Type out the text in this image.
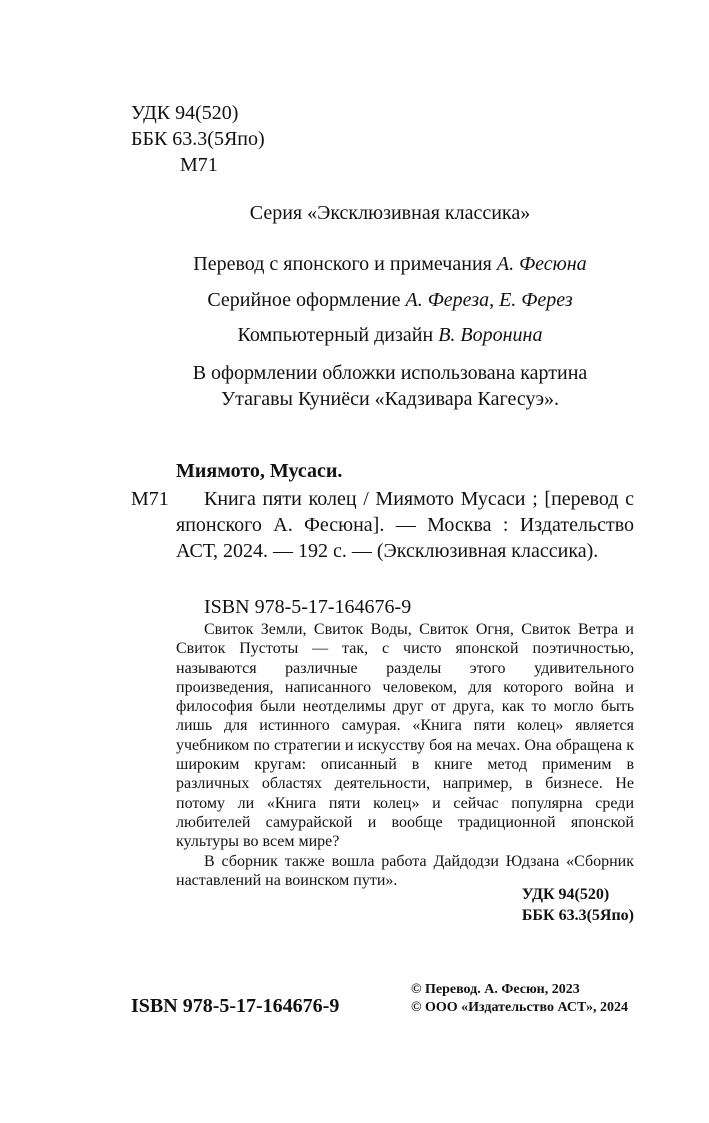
УДК 94(520)
ББК 63.3(5Япо)
М71
Серия «Эксклюзивная классика»
Перевод с японского и примечания А. Фесюна
Серийное оформление А. Фереза, Е. Ферез
Компьютерный дизайн В. Воронина
В оформлении обложки использована картина
Утагавы Куниёси «Кадзивара Кагесуэ».
Миямото, Мусаси.
М71	Книга пяти колец / Миямото Мусаси ; [перевод с японского А. Фесюна]. — Москва : Издательство АСТ, 2024. — 192 с. — (Эксклюзивная классика).
ISBN 978-5-17-164676-9

Свиток Земли, Свиток Воды, Свиток Огня, Свиток Ветра и Свиток Пустоты — так, с чисто японской поэтичностью, называются различные разделы этого удивительного произведения, написанного человеком, для которого война и философия были неотделимы друг от друга, как то могло быть лишь для истинного самурая. «Книга пяти колец» является учебником по стратегии и искусству боя на мечах. Она обращена к широким кругам: описанный в книге метод применим в различных областях деятельности, например, в бизнесе. Не потому ли «Книга пяти колец» и сейчас популярна среди любителей самурайской и вообще традиционной японской культуры во всем мире?

В сборник также вошла работа Дайдодзи Юдзана «Сборник наставлений на воинском пути».

УДК 94(520)
ББК 63.3(5Япо)
ISBN 978-5-17-164676-9
© Перевод. А. Фесюн, 2023
© ООО «Издательство АСТ», 2024
